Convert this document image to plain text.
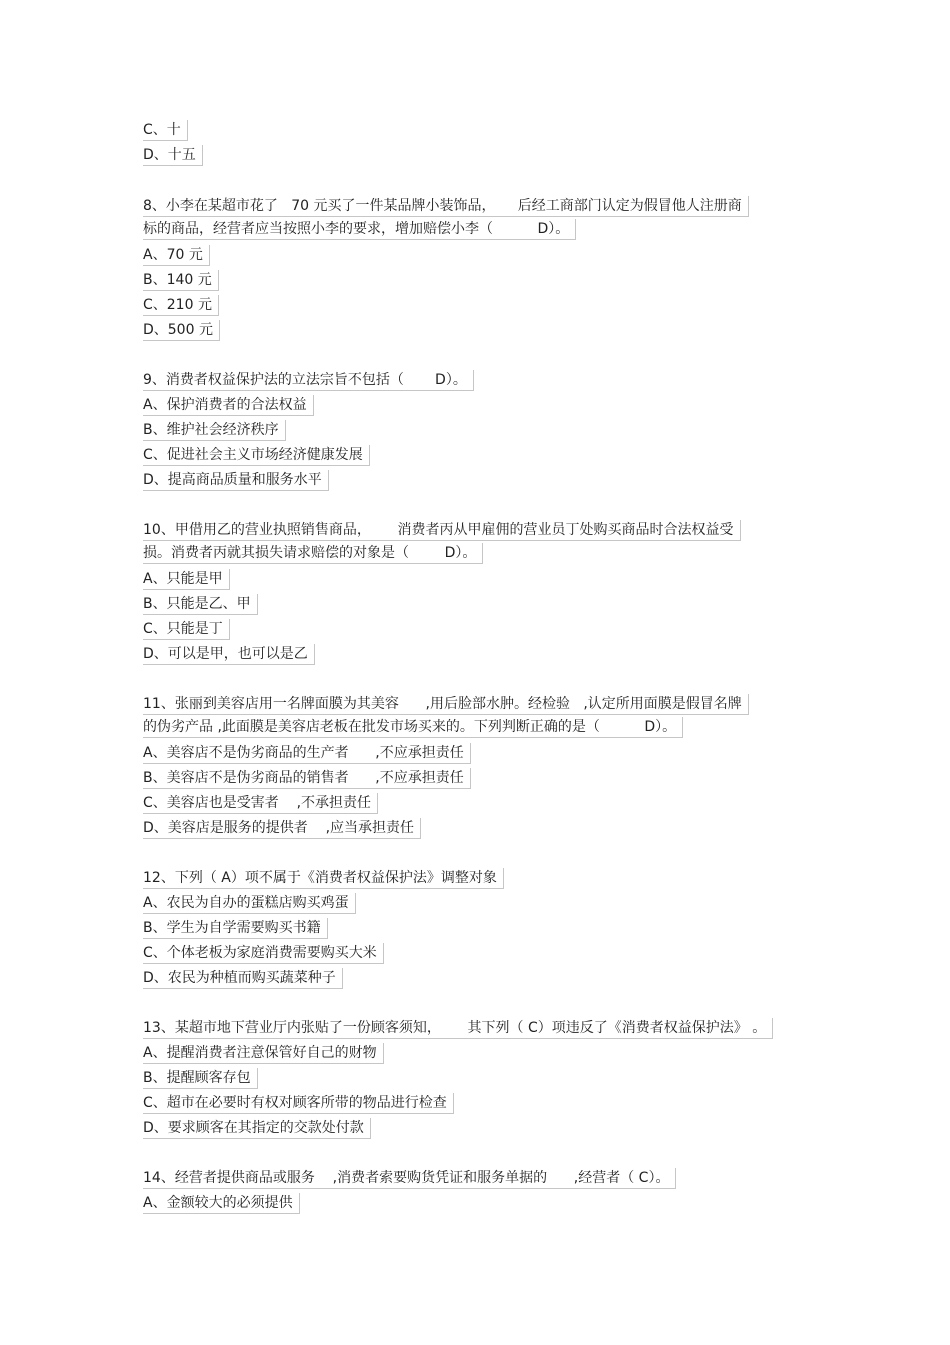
C、十
D、十五
8、小李在某超市花了   70 元买了一件某品牌小装饰品，     后经工商部门认定为假冒他人注册商
标的商品，经营者应当按照小李的要求，增加赔偿小李（          D）。
A、70 元
B、140 元
C、210 元
D、500 元
9、消费者权益保护法的立法宗旨不包括（       D）。
A、保护消费者的合法权益
B、维护社会经济秩序
C、促进社会主义市场经济健康发展
D、提高商品质量和服务水平
10、甲借用乙的营业执照销售商品，      消费者丙从甲雇佣的营业员丁处购买商品时合法权益受
损。消费者丙就其损失请求赔偿的对象是（        D）。
A、只能是甲
B、只能是乙、甲
C、只能是丁
D、可以是甲，也可以是乙
11、张丽到美容店用一名牌面膜为其美容      ,用后脸部水肿。经检验   ,认定所用面膜是假冒名牌
的伪劣产品 ,此面膜是美容店老板在批发市场买来的。下列判断正确的是（          D）。
A、美容店不是伪劣商品的生产者      ,不应承担责任
B、美容店不是伪劣商品的销售者      ,不应承担责任
C、美容店也是受害者    ,不承担责任
D、美容店是服务的提供者    ,应当承担责任
12、下列（ A）项不属于《消费者权益保护法》调整对象
A、农民为自办的蛋糕店购买鸡蛋
B、学生为自学需要购买书籍
C、个体老板为家庭消费需要购买大米
D、农民为种植而购买蔬菜种子
13、某超市地下营业厅内张贴了一份顾客须知，      其下列（ C）项违反了《消费者权益保护法》 。
A、提醒消费者注意保管好自己的财物
B、提醒顾客存包
C、超市在必要时有权对顾客所带的物品进行检查
D、要求顾客在其指定的交款处付款
14、经营者提供商品或服务    ,消费者索要购货凭证和服务单据的      ,经营者（ C）。
A、金额较大的必须提供
